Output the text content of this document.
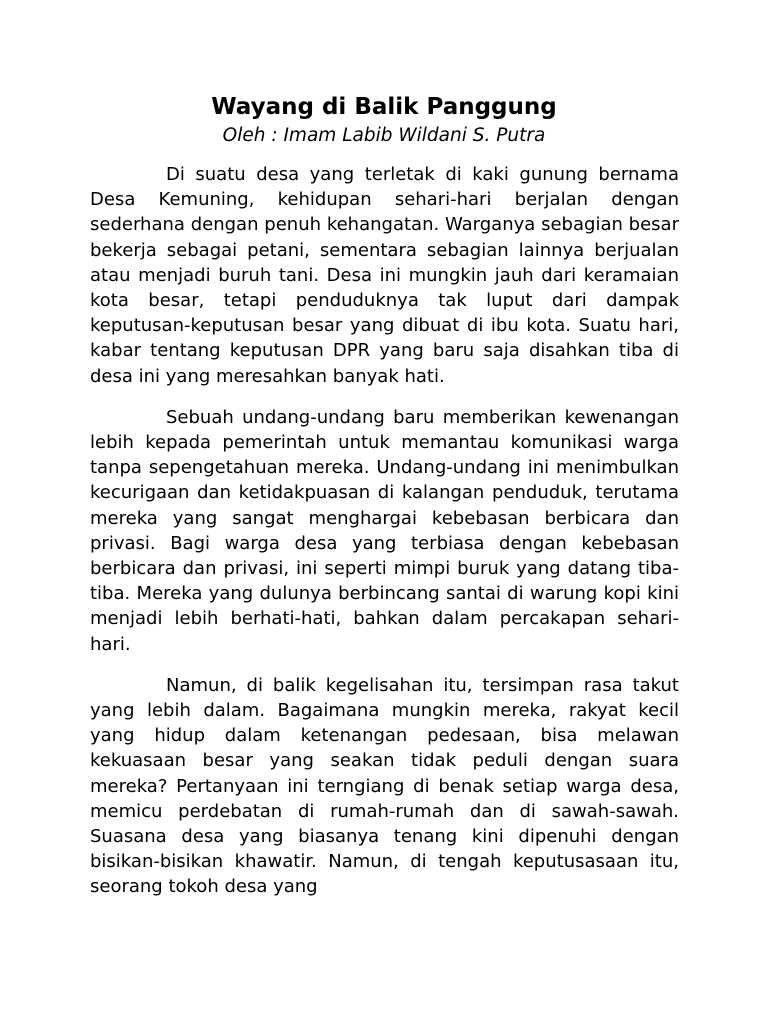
Wayang di Balik Panggung

Oleh : Imam Labib Wildani S. Putra

Di suatu desa yang terletak di kaki gunung bernama Desa Kemuning, kehidupan sehari-hari berjalan dengan sederhana dengan penuh kehangatan. Warganya sebagian besar bekerja sebagai petani, sementara sebagian lainnya berjualan atau menjadi buruh tani. Desa ini mungkin jauh dari keramaian kota besar, tetapi penduduknya tak luput dari dampak keputusan-keputusan besar yang dibuat di ibu kota. Suatu hari, kabar tentang keputusan DPR yang baru saja disahkan tiba di desa ini yang meresahkan banyak hati.

Sebuah undang-undang baru memberikan kewenangan lebih kepada pemerintah untuk memantau komunikasi warga tanpa sepengetahuan mereka. Undang-undang ini menimbulkan kecurigaan dan ketidakpuasan di kalangan penduduk, terutama mereka yang sangat menghargai kebebasan berbicara dan privasi. Bagi warga desa yang terbiasa dengan kebebasan berbicara dan privasi, ini seperti mimpi buruk yang datang tiba-tiba. Mereka yang dulunya berbincang santai di warung kopi kini menjadi lebih berhati-hati, bahkan dalam percakapan sehari-hari.

Namun, di balik kegelisahan itu, tersimpan rasa takut yang lebih dalam. Bagaimana mungkin mereka, rakyat kecil yang hidup dalam ketenangan pedesaan, bisa melawan kekuasaan besar yang seakan tidak peduli dengan suara mereka? Pertanyaan ini terngiang di benak setiap warga desa, memicu perdebatan di rumah-rumah dan di sawah-sawah. Suasana desa yang biasanya tenang kini dipenuhi dengan bisikan-bisikan khawatir. Namun, di tengah keputusasaan itu, seorang tokoh desa yang
